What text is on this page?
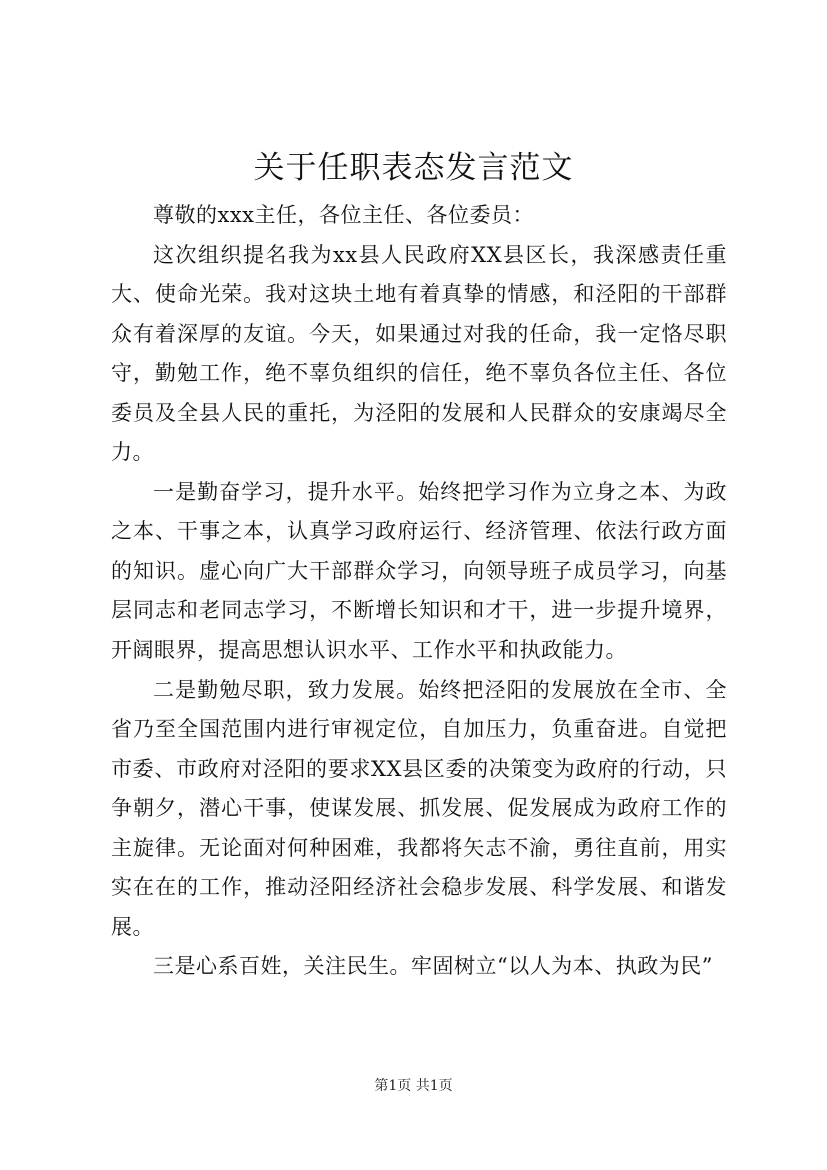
关于任职表态发言范文

尊敬的xxx主任，各位主任、各位委员：

这次组织提名我为xx县人民政府XX县区长，我深感责任重大、使命光荣。我对这块土地有着真挚的情感，和泾阳的干部群众有着深厚的友谊。今天，如果通过对我的任命，我一定恪尽职守，勤勉工作，绝不辜负组织的信任，绝不辜负各位主任、各位委员及全县人民的重托，为泾阳的发展和人民群众的安康竭尽全力。

一是勤奋学习，提升水平。始终把学习作为立身之本、为政之本、干事之本，认真学习政府运行、经济管理、依法行政方面的知识。虚心向广大干部群众学习，向领导班子成员学习，向基层同志和老同志学习，不断增长知识和才干，进一步提升境界，开阔眼界，提高思想认识水平、工作水平和执政能力。

二是勤勉尽职，致力发展。始终把泾阳的发展放在全市、全省乃至全国范围内进行审视定位，自加压力，负重奋进。自觉把市委、市政府对泾阳的要求XX县区委的决策变为政府的行动，只争朝夕，潜心干事，使谋发展、抓发展、促发展成为政府工作的主旋律。无论面对何种困难，我都将矢志不渝，勇往直前，用实实在在的工作，推动泾阳经济社会稳步发展、科学发展、和谐发展。

三是心系百姓，关注民生。牢固树立“以人为本、执政为民”

第1页 共1页
